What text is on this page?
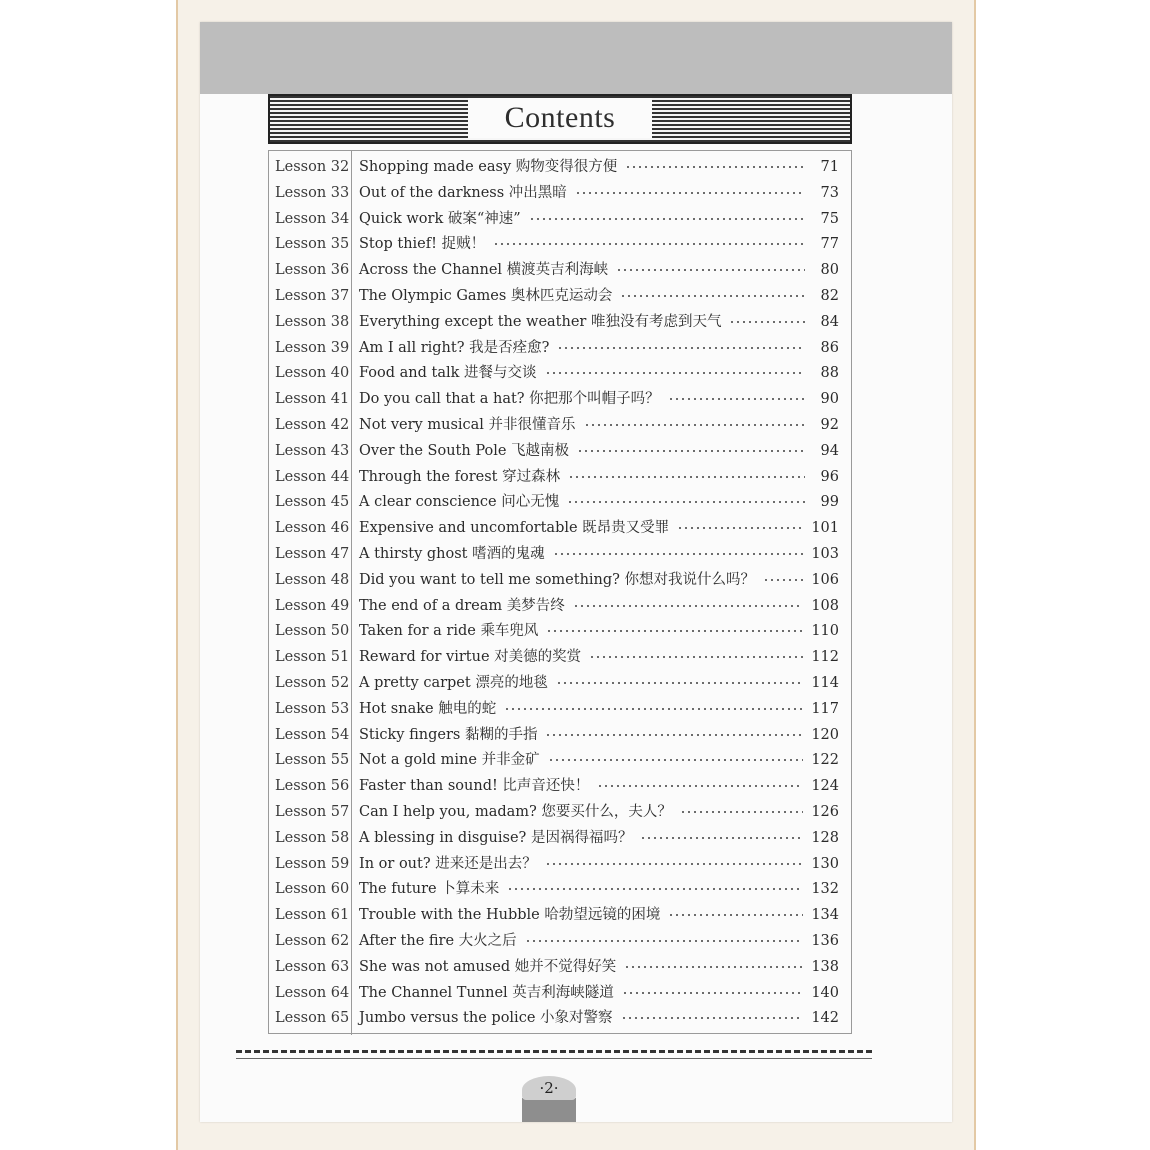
Contents
Lesson 32 Shopping made easy 购物变得很方便	71
Lesson 33 Out of the darkness 冲出黑暗	73
Lesson 34 Quick work 破案“神速”	75
Lesson 35 Stop thief! 捉贼！	77
Lesson 36 Across the Channel 横渡英吉利海峡	80
Lesson 37 The Olympic Games 奥林匹克运动会	82
Lesson 38 Everything except the weather 唯独没有考虑到天气	84
Lesson 39 Am I all right? 我是否痊愈?	86
Lesson 40 Food and talk 进餐与交谈	88
Lesson 41 Do you call that a hat? 你把那个叫帽子吗？	90
Lesson 42 Not very musical 并非很懂音乐	92
Lesson 43 Over the South Pole 飞越南极	94
Lesson 44 Through the forest 穿过森林	96
Lesson 45 A clear conscience 问心无愧	99
Lesson 46 Expensive and uncomfortable 既昂贵又受罪	101
Lesson 47 A thirsty ghost 嗜酒的鬼魂	103
Lesson 48 Did you want to tell me something? 你想对我说什么吗？	106
Lesson 49 The end of a dream 美梦告终	108
Lesson 50 Taken for a ride 乘车兜风	110
Lesson 51 Reward for virtue 对美德的奖赏	112
Lesson 52 A pretty carpet 漂亮的地毯	114
Lesson 53 Hot snake 触电的蛇	117
Lesson 54 Sticky fingers 黏糊的手指	120
Lesson 55 Not a gold mine 并非金矿	122
Lesson 56 Faster than sound! 比声音还快！	124
Lesson 57 Can I help you, madam? 您要买什么，夫人？	126
Lesson 58 A blessing in disguise? 是因祸得福吗？	128
Lesson 59 In or out? 进来还是出去？	130
Lesson 60 The future 卜算未来	132
Lesson 61 Trouble with the Hubble 哈勃望远镜的困境	134
Lesson 62 After the fire 大火之后	136
Lesson 63 She was not amused 她并不觉得好笑	138
Lesson 64 The Channel Tunnel 英吉利海峡隧道	140
Lesson 65 Jumbo versus the police 小象对警察	142
·2·
